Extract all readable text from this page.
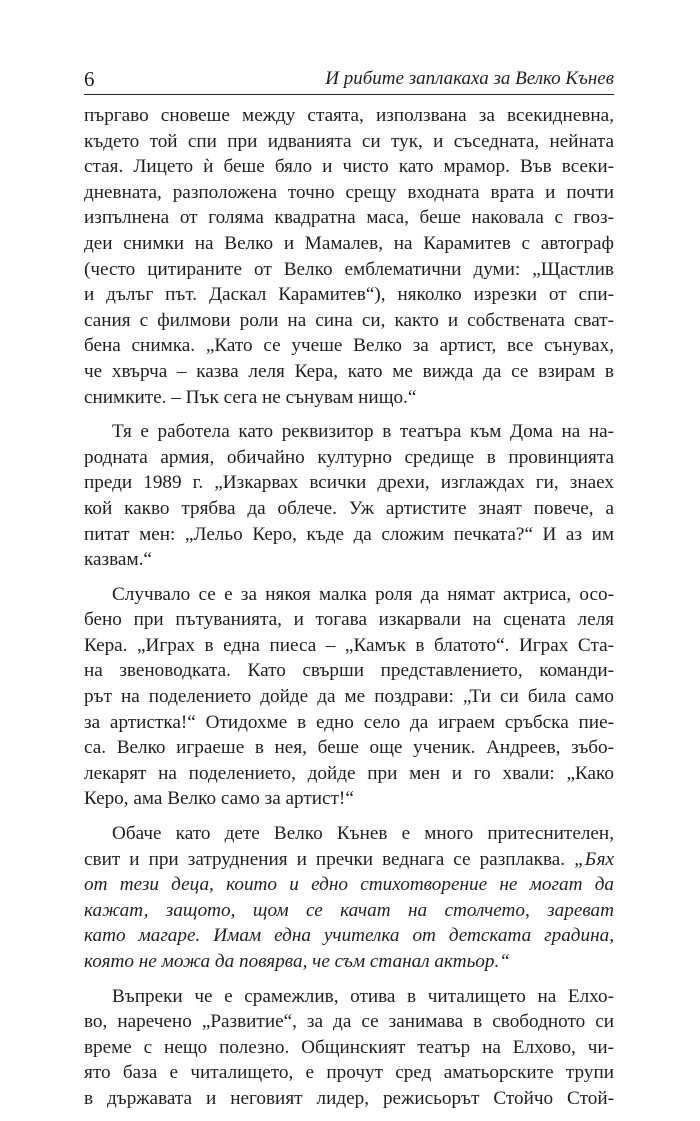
6	И рибите заплакаха за Велко Кънев
пъргаво сновеше между стаята, използвана за всекидневна,
където той спи при идванията си тук, и съседната, нейната
стая. Лицето ѝ беше бяло и чисто като мрамор. Във всеки-
дневната, разположена точно срещу входната врата и почти
изпълнена от голяма квадратна маса, беше наковала с гвоз-
деи снимки на Велко и Мамалев, на Карамитев с автограф
(често цитираните от Велко емблематични думи: „Щастлив
и дълъг път. Даскал Карамитев“), няколко изрезки от спи-
сания с филмови роли на сина си, както и собствената сват-
бена снимка. „Като се учеше Велко за артист, все сънувах,
че хвърча – казва леля Кера, като ме вижда да се взирам в
снимките. – Пък сега не сънувам нищо.“
Тя е работела като реквизитор в театъра към Дома на на-
родната армия, обичайно културно средище в провинцията
преди 1989 г. „Изкарвах всички дрехи, изглаждах ги, знаех
кой какво трябва да облече. Уж артистите знаят повече, а
питат мен: „Лельо Керо, къде да сложим печката?“ И аз им
казвам.“
Случвало се е за някоя малка роля да нямат актриса, осо-
бено при пътуванията, и тогава изкарвали на сцената леля
Кера. „Играх в една пиеса – „Камък в блатото“. Играх Ста-
на звеноводката. Като свърши представлението, команди-
рът на поделението дойде да ме поздрави: „Ти си била само
за артистка!“ Отидохме в едно село да играем сръбска пие-
са. Велко играеше в нея, беше още ученик. Андреев, зъбо-
лекарят на поделението, дойде при мен и го хвали: „Како
Керо, ама Велко само за артист!“
Обаче като дете Велко Кънев е много притеснителен,
свит и при затруднения и пречки веднага се разплаква. „Бях
от тези деца, които и едно стихотворение не могат да
кажат, защото, щом се качат на столчето, зареват
като магаре. Имам една учителка от детската градина,
която не можа да повярва, че съм станал актьор.“
Въпреки че е срамежлив, отива в читалището на Елхо-
во, наречено „Развитие“, за да се занимава в свободното си
време с нещо полезно. Общинският театър на Елхово, чи-
ято база е читалището, е прочут сред аматьорските трупи
в държавата и неговият лидер, режисьорът Стойчо Стой-
